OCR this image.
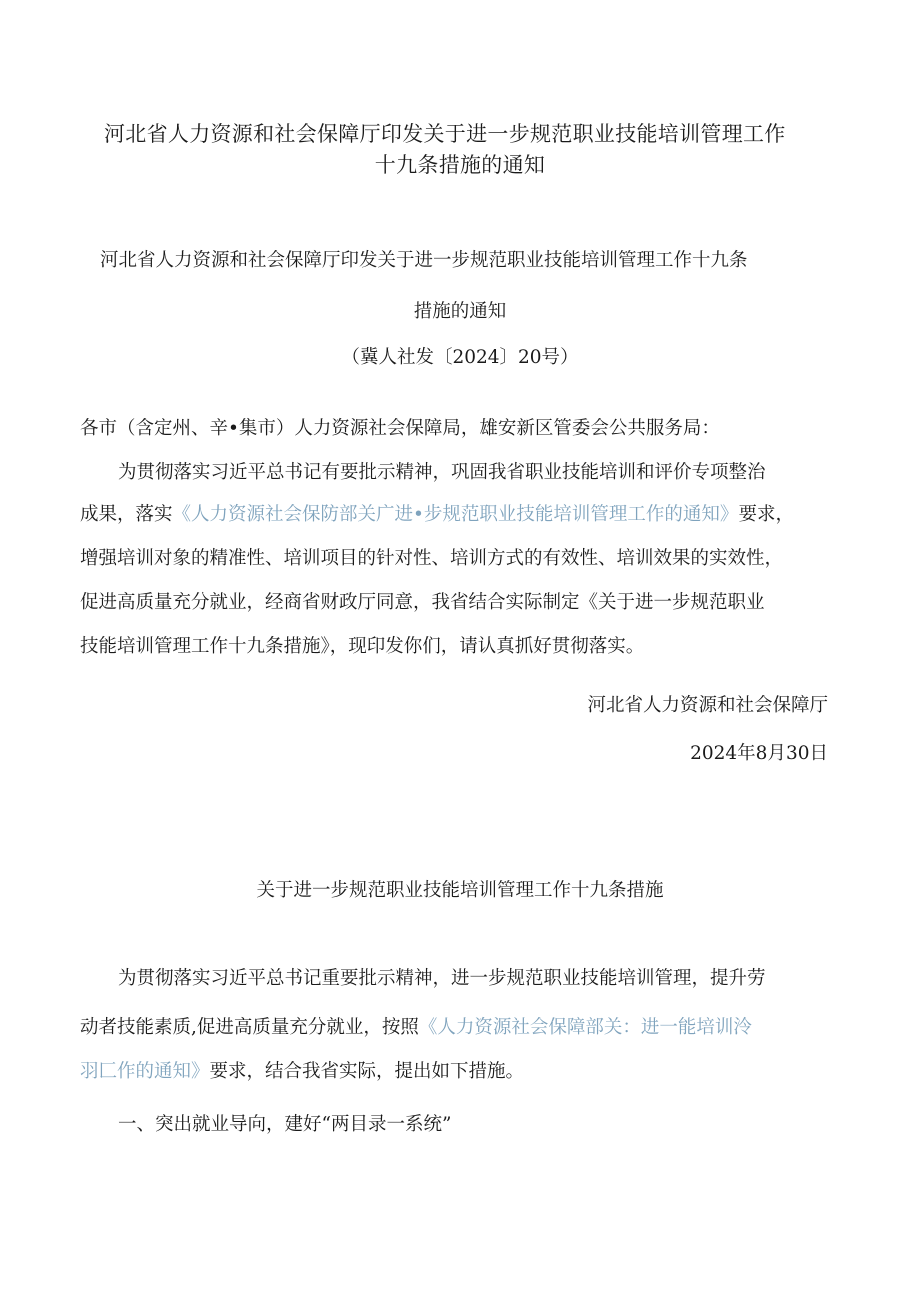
河北省人力资源和社会保障厅印发关于进一步规范职业技能培训管理工作
十九条措施的通知
河北省人力资源和社会保障厅印发关于进一步规范职业技能培训管理工作十九条
措施的通知
（冀人社发〔2024〕20号）
各市（含定州、辛•集市）人力资源社会保障局，雄安新区管委会公共服务局：
为贯彻落实习近平总书记有要批示精神，巩固我省职业技能培训和评价专项整治
成果，落实《人力资源社会保防部关广进•步规范职业技能培训管理工作的通知》要求，
增强培训对象的精准性、培训项目的针对性、培训方式的有效性、培训效果的实效性，
促进高质量充分就业，经商省财政厅同意，我省结合实际制定《关于进一步规范职业
技能培训管理工作十九条措施》，现印发你们，请认真抓好贯彻落实。
河北省人力资源和社会保障厅
2024年8月30日
关于进一步规范职业技能培训管理工作十九条措施
为贯彻落实习近平总书记重要批示精神，进一步规范职业技能培训管理，提升劳
动者技能素质,促进高质量充分就业，按照《人力资源社会保障部关：进一能培训泠
羽匚作的通知》要求，结合我省实际，提出如下措施。
一、突出就业导向，建好“两目录一系统”
